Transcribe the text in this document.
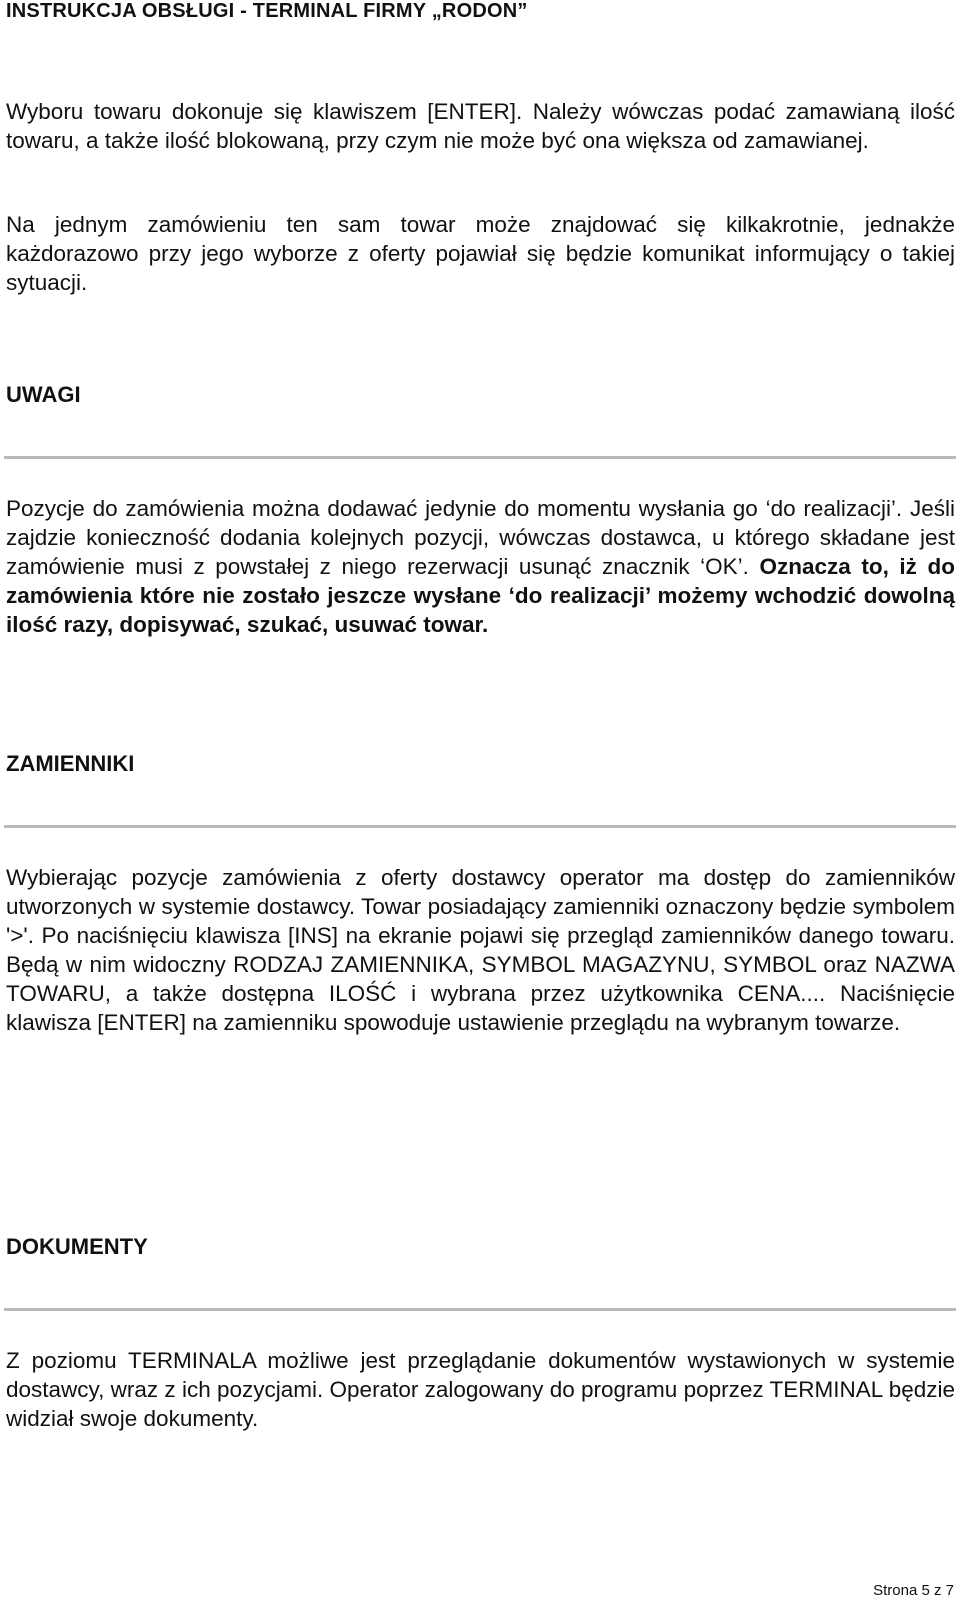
INSTRUKCJA OBSŁUGI - TERMINAL FIRMY „RODON”

Wyboru towaru dokonuje się klawiszem [ENTER]. Należy wówczas podać zamawianą ilość towaru, a także ilość blokowaną, przy czym nie może być ona większa od zamawianej.

Na jednym zamówieniu ten sam towar może znajdować się kilkakrotnie, jednakże każdorazowo przy jego wyborze z oferty pojawiał się będzie komunikat informujący o takiej sytuacji.

UWAGI

Pozycje do zamówienia można dodawać jedynie do momentu wysłania go ‘do realizacji’. Jeśli zajdzie konieczność dodania kolejnych pozycji, wówczas dostawca, u którego składane jest zamówienie musi z powstałej z niego rezerwacji usunąć znacznik ‘OK’. Oznacza to, iż do zamówienia które nie zostało jeszcze wysłane ‘do realizacji’ możemy wchodzić dowolną ilość razy, dopisywać, szukać, usuwać towar.

ZAMIENNIKI

Wybierając pozycje zamówienia z oferty dostawcy operator ma dostęp do zamienników utworzonych w systemie dostawcy. Towar posiadający zamienniki oznaczony będzie symbolem '>'. Po naciśnięciu klawisza [INS] na ekranie pojawi się przegląd zamienników danego towaru. Będą w nim widoczny RODZAJ ZAMIENNIKA, SYMBOL MAGAZYNU, SYMBOL oraz NAZWA TOWARU, a także dostępna ILOŚĆ i wybrana przez użytkownika CENA.... Naciśnięcie klawisza [ENTER] na zamienniku spowoduje ustawienie przeglądu na wybranym towarze.

DOKUMENTY

Z poziomu TERMINALA możliwe jest przeglądanie dokumentów wystawionych w systemie dostawcy, wraz z ich pozycjami. Operator zalogowany do programu poprzez TERMINAL będzie widział swoje dokumenty.

Strona 5 z 7
